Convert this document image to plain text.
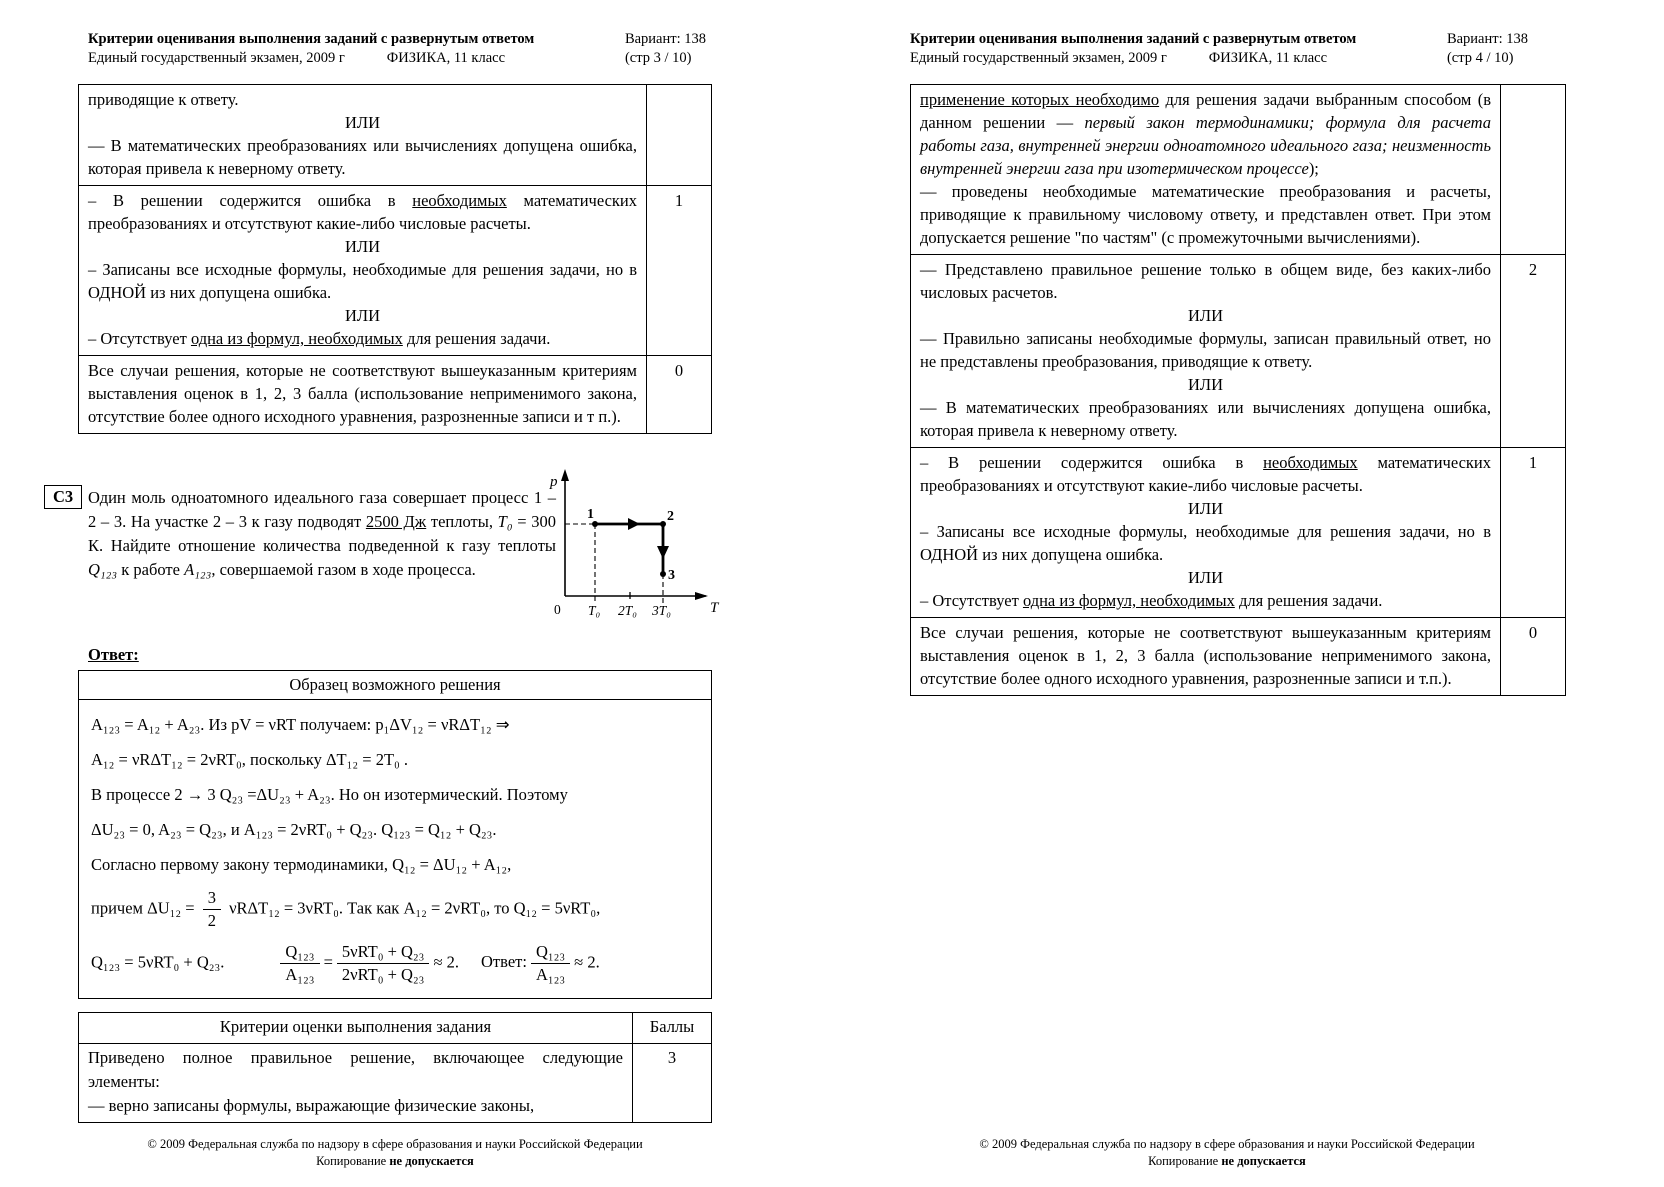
Критерии оценивания выполнения заданий с развернутым ответом
Единый государственный экзамен, 2009 г	ФИЗИКА, 11 класс
Вариант: 138
(стр 3 / 10)
приводящие к ответу.
ИЛИ
— В математических преобразованиях или вычислениях допущена ошибка, которая привела к неверному ответу.	

– В решении содержится ошибка в необходимых математических преобразованиях и отсутствуют какие-либо числовые расчеты.
ИЛИ
– Записаны все исходные формулы, необходимые для решения задачи, но в ОДНОЙ из них допущена ошибка.
ИЛИ
– Отсутствует одна из формул, необходимых для решения задачи.	1
Все случаи решения, которые не соответствуют вышеуказанным критериям выставления оценок в 1, 2, 3 балла (использование неприменимого закона, отсутствие более одного исходного уравнения, разрозненные записи и т п.).	0
С3 Один моль одноатомного идеального газа совершает процесс 1 – 2 – 3. На участке 2 – 3 к газу подводят 2500 Дж теплоты, T₀ = 300 К. Найдите отношение количества подведенной к газу теплоты Q₁₂₃ к работе A₁₂₃, совершаемой газом в ходе процесса.
p
T
0 T₀ 2T₀ 3T₀
1	2
3
Ответ:
Образец возможного решения

A₁₂₃ = A₁₂ + A₂₃. Из pV = νRT получаем: p₁ΔV₁₂ = νRΔT₁₂ ⇒
A₁₂ = νRΔT₁₂ = 2νRT₀, поскольку ΔT₁₂ = 2T₀ .
В процессе 2 → 3 Q₂₃ =ΔU₂₃ + A₂₃. Но он изотермический. Поэтому
ΔU₂₃ = 0, A₂₃ = Q₂₃, и A₁₂₃ = 2νRT₀ + Q₂₃. Q₁₂₃ = Q₁₂ + Q₂₃.
Согласно первому закону термодинамики, Q₁₂ = ΔU₁₂ + A₁₂,
причем $\Delta U_{12} = \frac{3}{2} \nu R\Delta T_{12} = 3\nu RT_0$. Так как A₁₂ = 2νRT₀, то Q₁₂ = 5νRT₀,
Q₁₂₃ = 5νRT₀ + Q₂₃.	$\frac{\text{Q₁₂₃}}{\text{A₁₂₃}} = \frac{\text{5νRT₀ + Q₂₃}}{\text{2νRT₀ + Q₂₃}} \approx 2$. Ответ: $\frac{\text{Q₁₂₃}}{\text{A₁₂₃}} \approx 2$.
Критерии оценки выполнения задания	Баллы

Приведено полное правильное решение, включающее следующие элементы:
— верно записаны формулы, выражающие физические законы,	3
© 2009 Федеральная служба по надзору в сфере образования и науки Российской Федерации
Копирование не допускается
Критерии оценивания выполнения заданий с развернутым ответом
Единый государственный экзамен, 2009 г	ФИЗИКА, 11 класс
Вариант: 138
(стр 4 / 10)
применение которых необходимо для решения задачи выбранным способом (в данном решении — первый закон термодинамики; формула для расчета работы газа, внутренней энергии одноатомного идеального газа; неизменность внутренней энергии газа при изотермическом процессе);
— проведены необходимые математические преобразования и расчеты, приводящие к правильному числовому ответу, и представлен ответ. При этом допускается решение "по частям" (с промежуточными вычислениями).	

— Представлено правильное решение только в общем виде, без каких-либо числовых расчетов.
ИЛИ
— Правильно записаны необходимые формулы, записан правильный ответ, но не представлены преобразования, приводящие к ответу.
ИЛИ
— В математических преобразованиях или вычислениях допущена ошибка, которая привела к неверному ответу.	2

– В решении содержится ошибка в необходимых математических преобразованиях и отсутствуют какие-либо числовые расчеты.
ИЛИ
– Записаны все исходные формулы, необходимые для решения задачи, но в ОДНОЙ из них допущена ошибка.
ИЛИ
– Отсутствует одна из формул, необходимых для решения задачи.	1
Все случаи решения, которые не соответствуют вышеуказанным критериям выставления оценок в 1, 2, 3 балла (использование неприменимого закона, отсутствие более одного исходного уравнения, разрозненные записи и т.п.).	0
© 2009 Федеральная служба по надзору в сфере образования и науки Российской Федерации
Копирование не допускается
